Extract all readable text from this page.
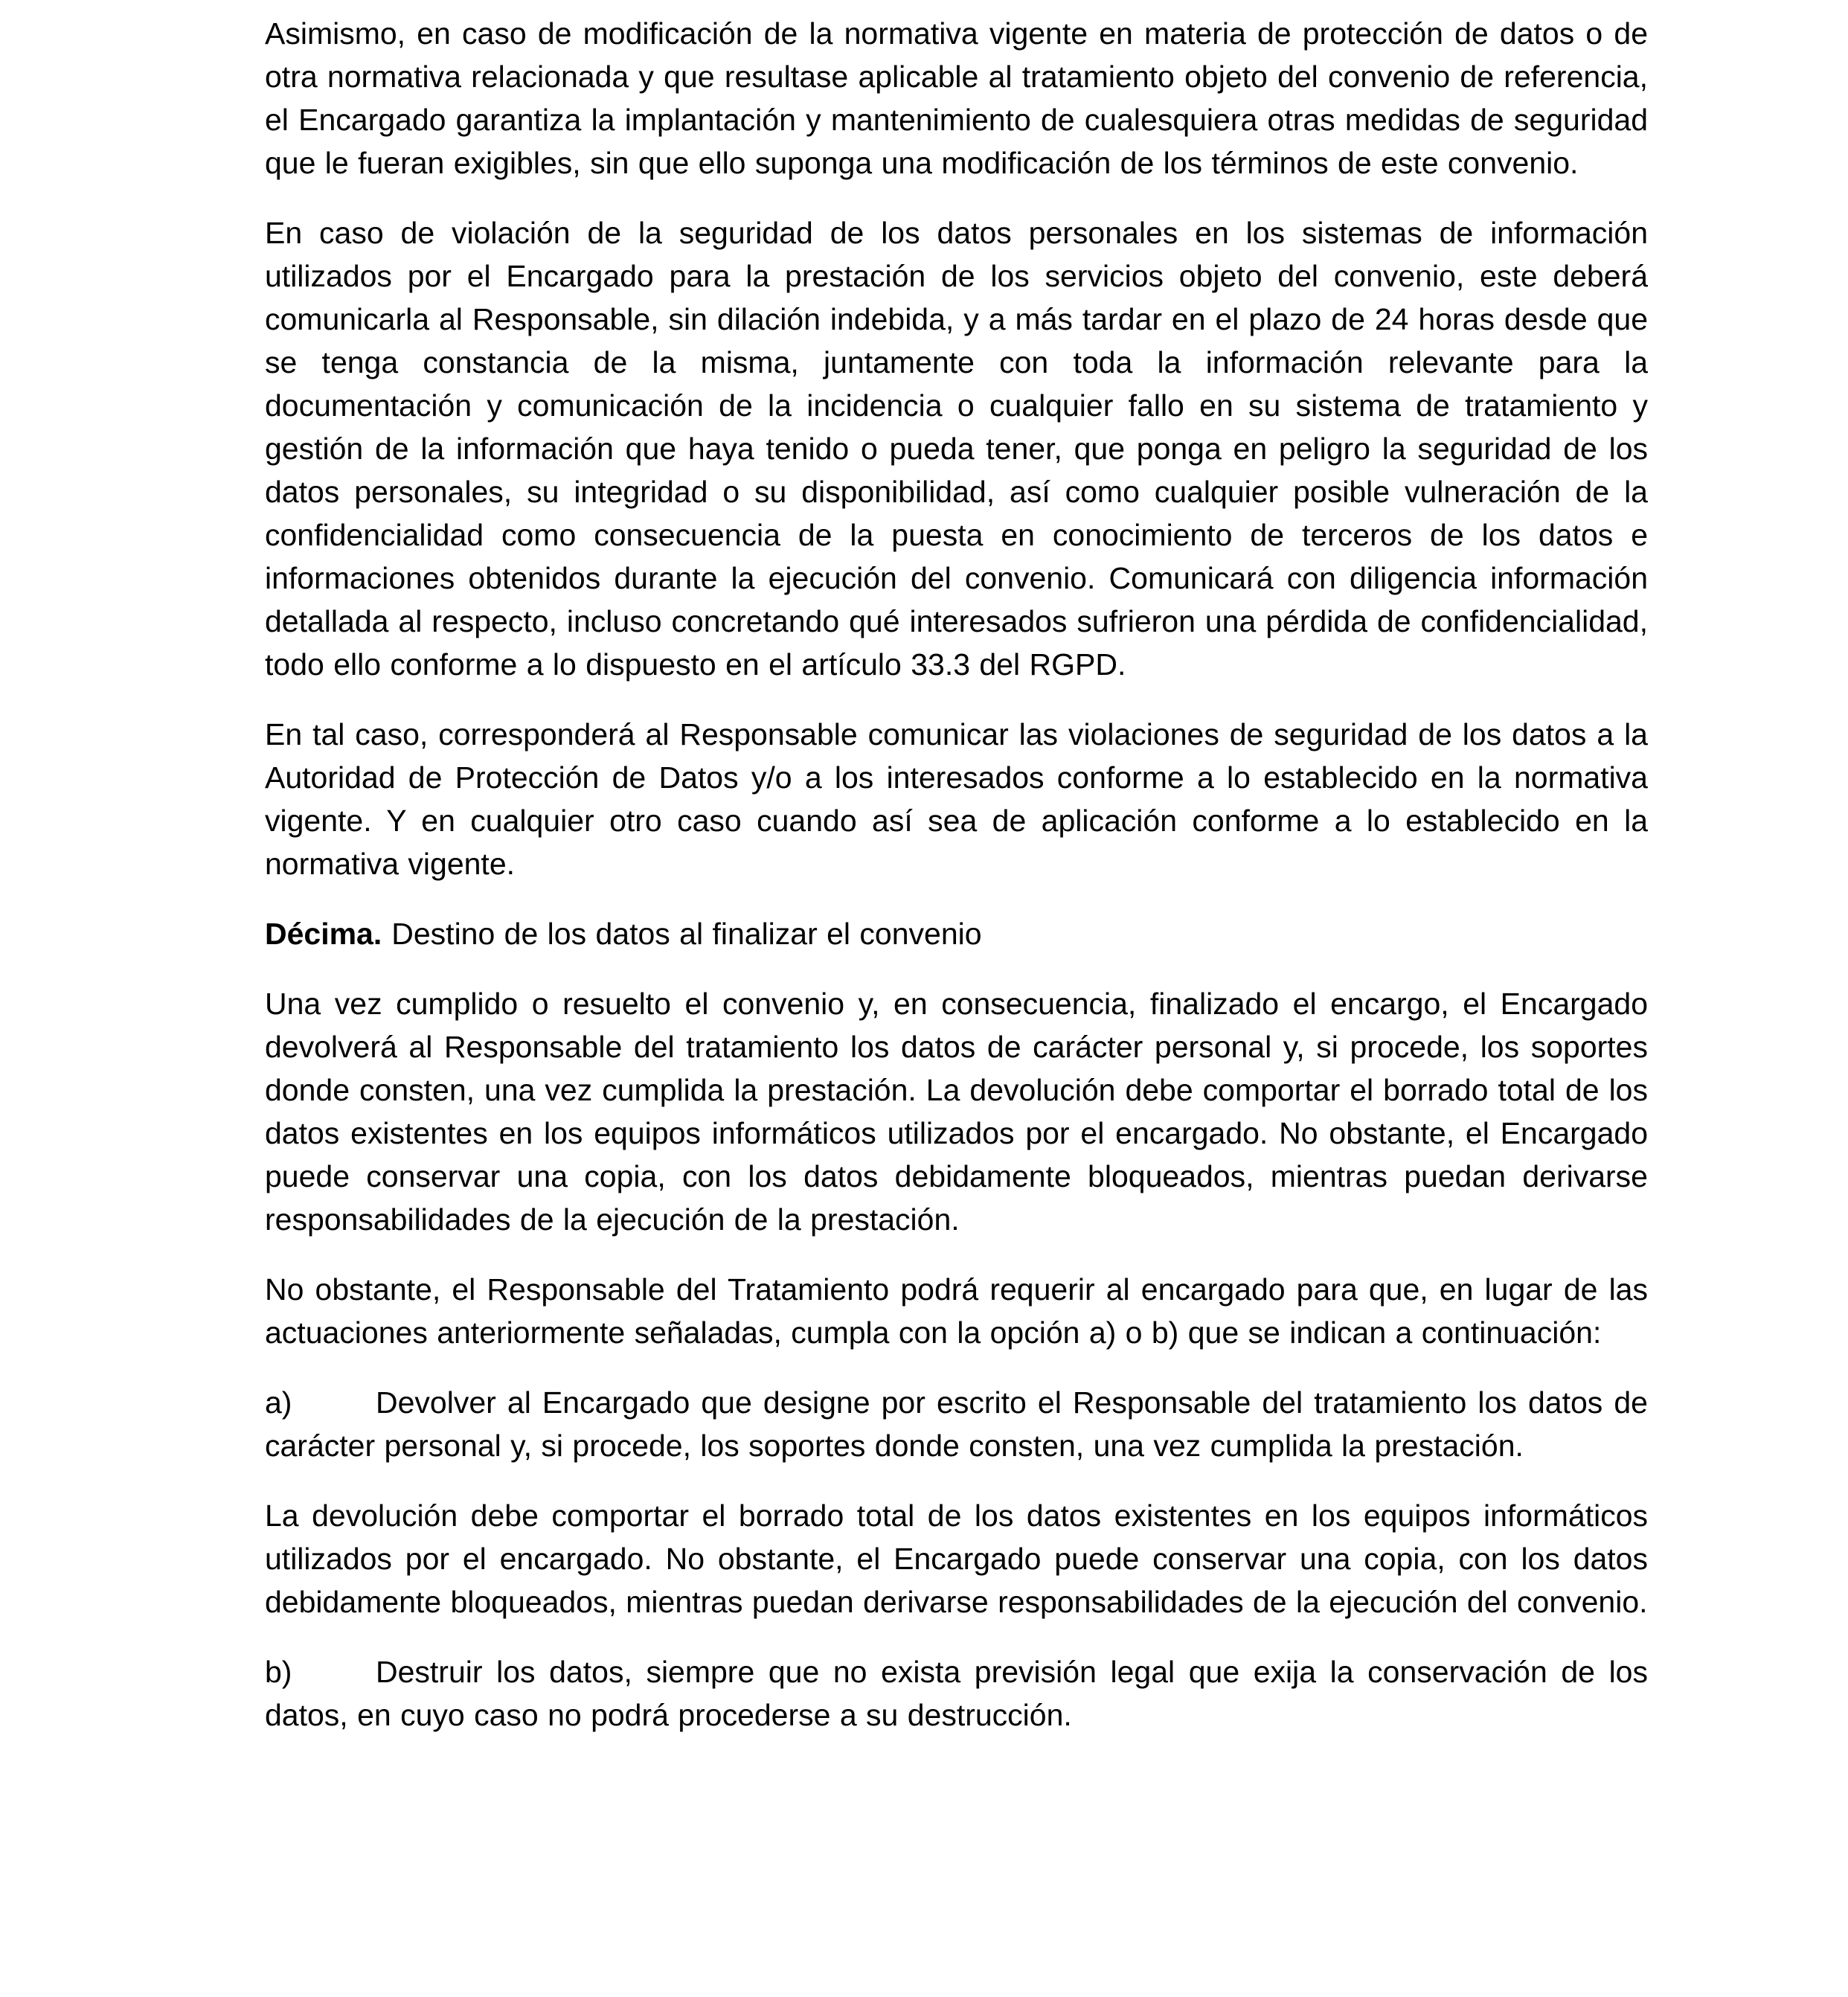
Asimismo, en caso de modificación de la normativa vigente en materia de protección de datos o de otra normativa relacionada y que resultase aplicable al tratamiento objeto del convenio de referencia, el Encargado garantiza la implantación y mantenimiento de cualesquiera otras medidas de seguridad que le fueran exigibles, sin que ello suponga una modificación de los términos de este convenio.

En caso de violación de la seguridad de los datos personales en los sistemas de información utilizados por el Encargado para la prestación de los servicios objeto del convenio, este deberá comunicarla al Responsable, sin dilación indebida, y a más tardar en el plazo de 24 horas desde que se tenga constancia de la misma, juntamente con toda la información relevante para la documentación y comunicación de la incidencia o cualquier fallo en su sistema de tratamiento y gestión de la información que haya tenido o pueda tener, que ponga en peligro la seguridad de los datos personales, su integridad o su disponibilidad, así como cualquier posible vulneración de la confidencialidad como consecuencia de la puesta en conocimiento de terceros de los datos e informaciones obtenidos durante la ejecución del convenio. Comunicará con diligencia información detallada al respecto, incluso concretando qué interesados sufrieron una pérdida de confidencialidad, todo ello conforme a lo dispuesto en el artículo 33.3 del RGPD.

En tal caso, corresponderá al Responsable comunicar las violaciones de seguridad de los datos a la Autoridad de Protección de Datos y/o a los interesados conforme a lo establecido en la normativa vigente. Y en cualquier otro caso cuando así sea de aplicación conforme a lo establecido en la normativa vigente.

Décima. Destino de los datos al finalizar el convenio

Una vez cumplido o resuelto el convenio y, en consecuencia, finalizado el encargo, el Encargado devolverá al Responsable del tratamiento los datos de carácter personal y, si procede, los soportes donde consten, una vez cumplida la prestación. La devolución debe comportar el borrado total de los datos existentes en los equipos informáticos utilizados por el encargado. No obstante, el Encargado puede conservar una copia, con los datos debidamente bloqueados, mientras puedan derivarse responsabilidades de la ejecución de la prestación.

No obstante, el Responsable del Tratamiento podrá requerir al encargado para que, en lugar de las actuaciones anteriormente señaladas, cumpla con la opción a) o b) que se indican a continuación:

a)	Devolver al Encargado que designe por escrito el Responsable del tratamiento los datos de carácter personal y, si procede, los soportes donde consten, una vez cumplida la prestación.

La devolución debe comportar el borrado total de los datos existentes en los equipos informáticos utilizados por el encargado. No obstante, el Encargado puede conservar una copia, con los datos debidamente bloqueados, mientras puedan derivarse responsabilidades de la ejecución del convenio.

b)	Destruir los datos, siempre que no exista previsión legal que exija la conservación de los datos, en cuyo caso no podrá procederse a su destrucción.
